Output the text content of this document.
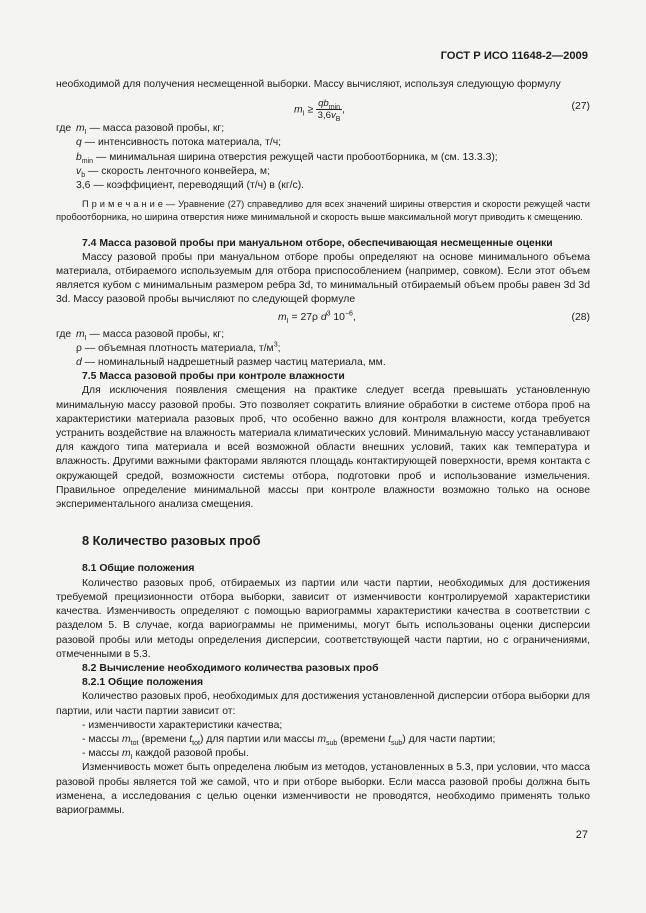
ГОСТ Р ИСО 11648-2—2009

необходимой для получения несмещенной выборки. Массу вычисляют, используя следующую формулу

$m_I \ge \frac{qb_{min}}{3,6v_B}$ ,	(27)
где $m_I$ — масса разовой пробы, кг;
q — интенсивность потока материала, т/ч;
$b_{min}$ — минимальная ширина отверстия режущей части пробоотборника, м (см. 13.3.3);
$v_b$ — скорость ленточного конвейера, м;
3,6 — коэффициент, переводящий (т/ч) в (кг/с).

П р и м е ч а н и е — Уравнение (27) справедливо для всех значений ширины отверстия и скорости режущей части пробоотборника, но ширина отверстия ниже минимальной и скорость выше максимальной могут приводить к смещению.

7.4 Масса разовой пробы при мануальном отборе, обеспечивающая несмещенные оценки

Массу разовой пробы при мануальном отборе пробы определяют на основе минимального объема материала, отбираемого используемым для отбора приспособлением (например, совком). Если этот объем является кубом с минимальным размером ребра 3d, то минимальный отбираемый объем пробы равен 3d 3d 3d. Массу разовой пробы вычисляют по следующей формуле

$m_I = 27\rho$ $d^3$ $10^{-6}$,	(28)
где $m_I$ — масса разовой пробы, кг;
ρ — объемная плотность материала, $т/м^3$;
d — номинальный надрешетный размер частиц материала, мм.

7.5 Масса разовой пробы при контроле влажности

Для исключения появления смещения на практике следует всегда превышать установленную минимальную массу разовой пробы. Это позволяет сократить влияние обработки в системе отбора проб на характеристики материала разовых проб, что особенно важно для контроля влажности, когда требуется устранить воздействие на влажность материала климатических условий. Минимальную массу устанавливают для каждого типа материала и всей возможной области внешних условий, таких как температура и влажность. Другими важными факторами являются площадь контактирующей поверхности, время контакта с окружающей средой, возможности системы отбора, подготовки проб и использование измельчения. Правильное определение минимальной массы при контроле влажности возможно только на основе экспериментального анализа смещения.

8 Количество разовых проб

8.1 Общие положения

Количество разовых проб, отбираемых из партии или части партии, необходимых для достижения требуемой прецизионности отбора выборки, зависит от изменчивости контролируемой характеристики качества. Изменчивость определяют с помощью вариограммы характеристики качества в соответствии с разделом 5. В случае, когда вариограммы не применимы, могут быть использованы оценки дисперсии разовой пробы или методы определения дисперсии, соответствующей части партии, но с ограничениями, отмеченными в 5.3.

8.2 Вычисление необходимого количества разовых проб

8.2.1 Общие положения

Количество разовых проб, необходимых для достижения установленной дисперсии отбора выборки для партии, или части партии зависит от:

- изменчивости характеристики качества;
- массы $m_{tot}$ (времени $t_{tot}$) для партии или массы $m_{sub}$ (времени $t_{sub}$) для части партии;
- массы $m_I$ каждой разовой пробы.

Изменчивость может быть определена любым из методов, установленных в 5.3, при условии, что масса разовой пробы является той же самой, что и при отборе выборки. Если масса разовой пробы должна быть изменена, а исследования с целью оценки изменчивости не проводятся, необходимо применять только вариограммы.

27
